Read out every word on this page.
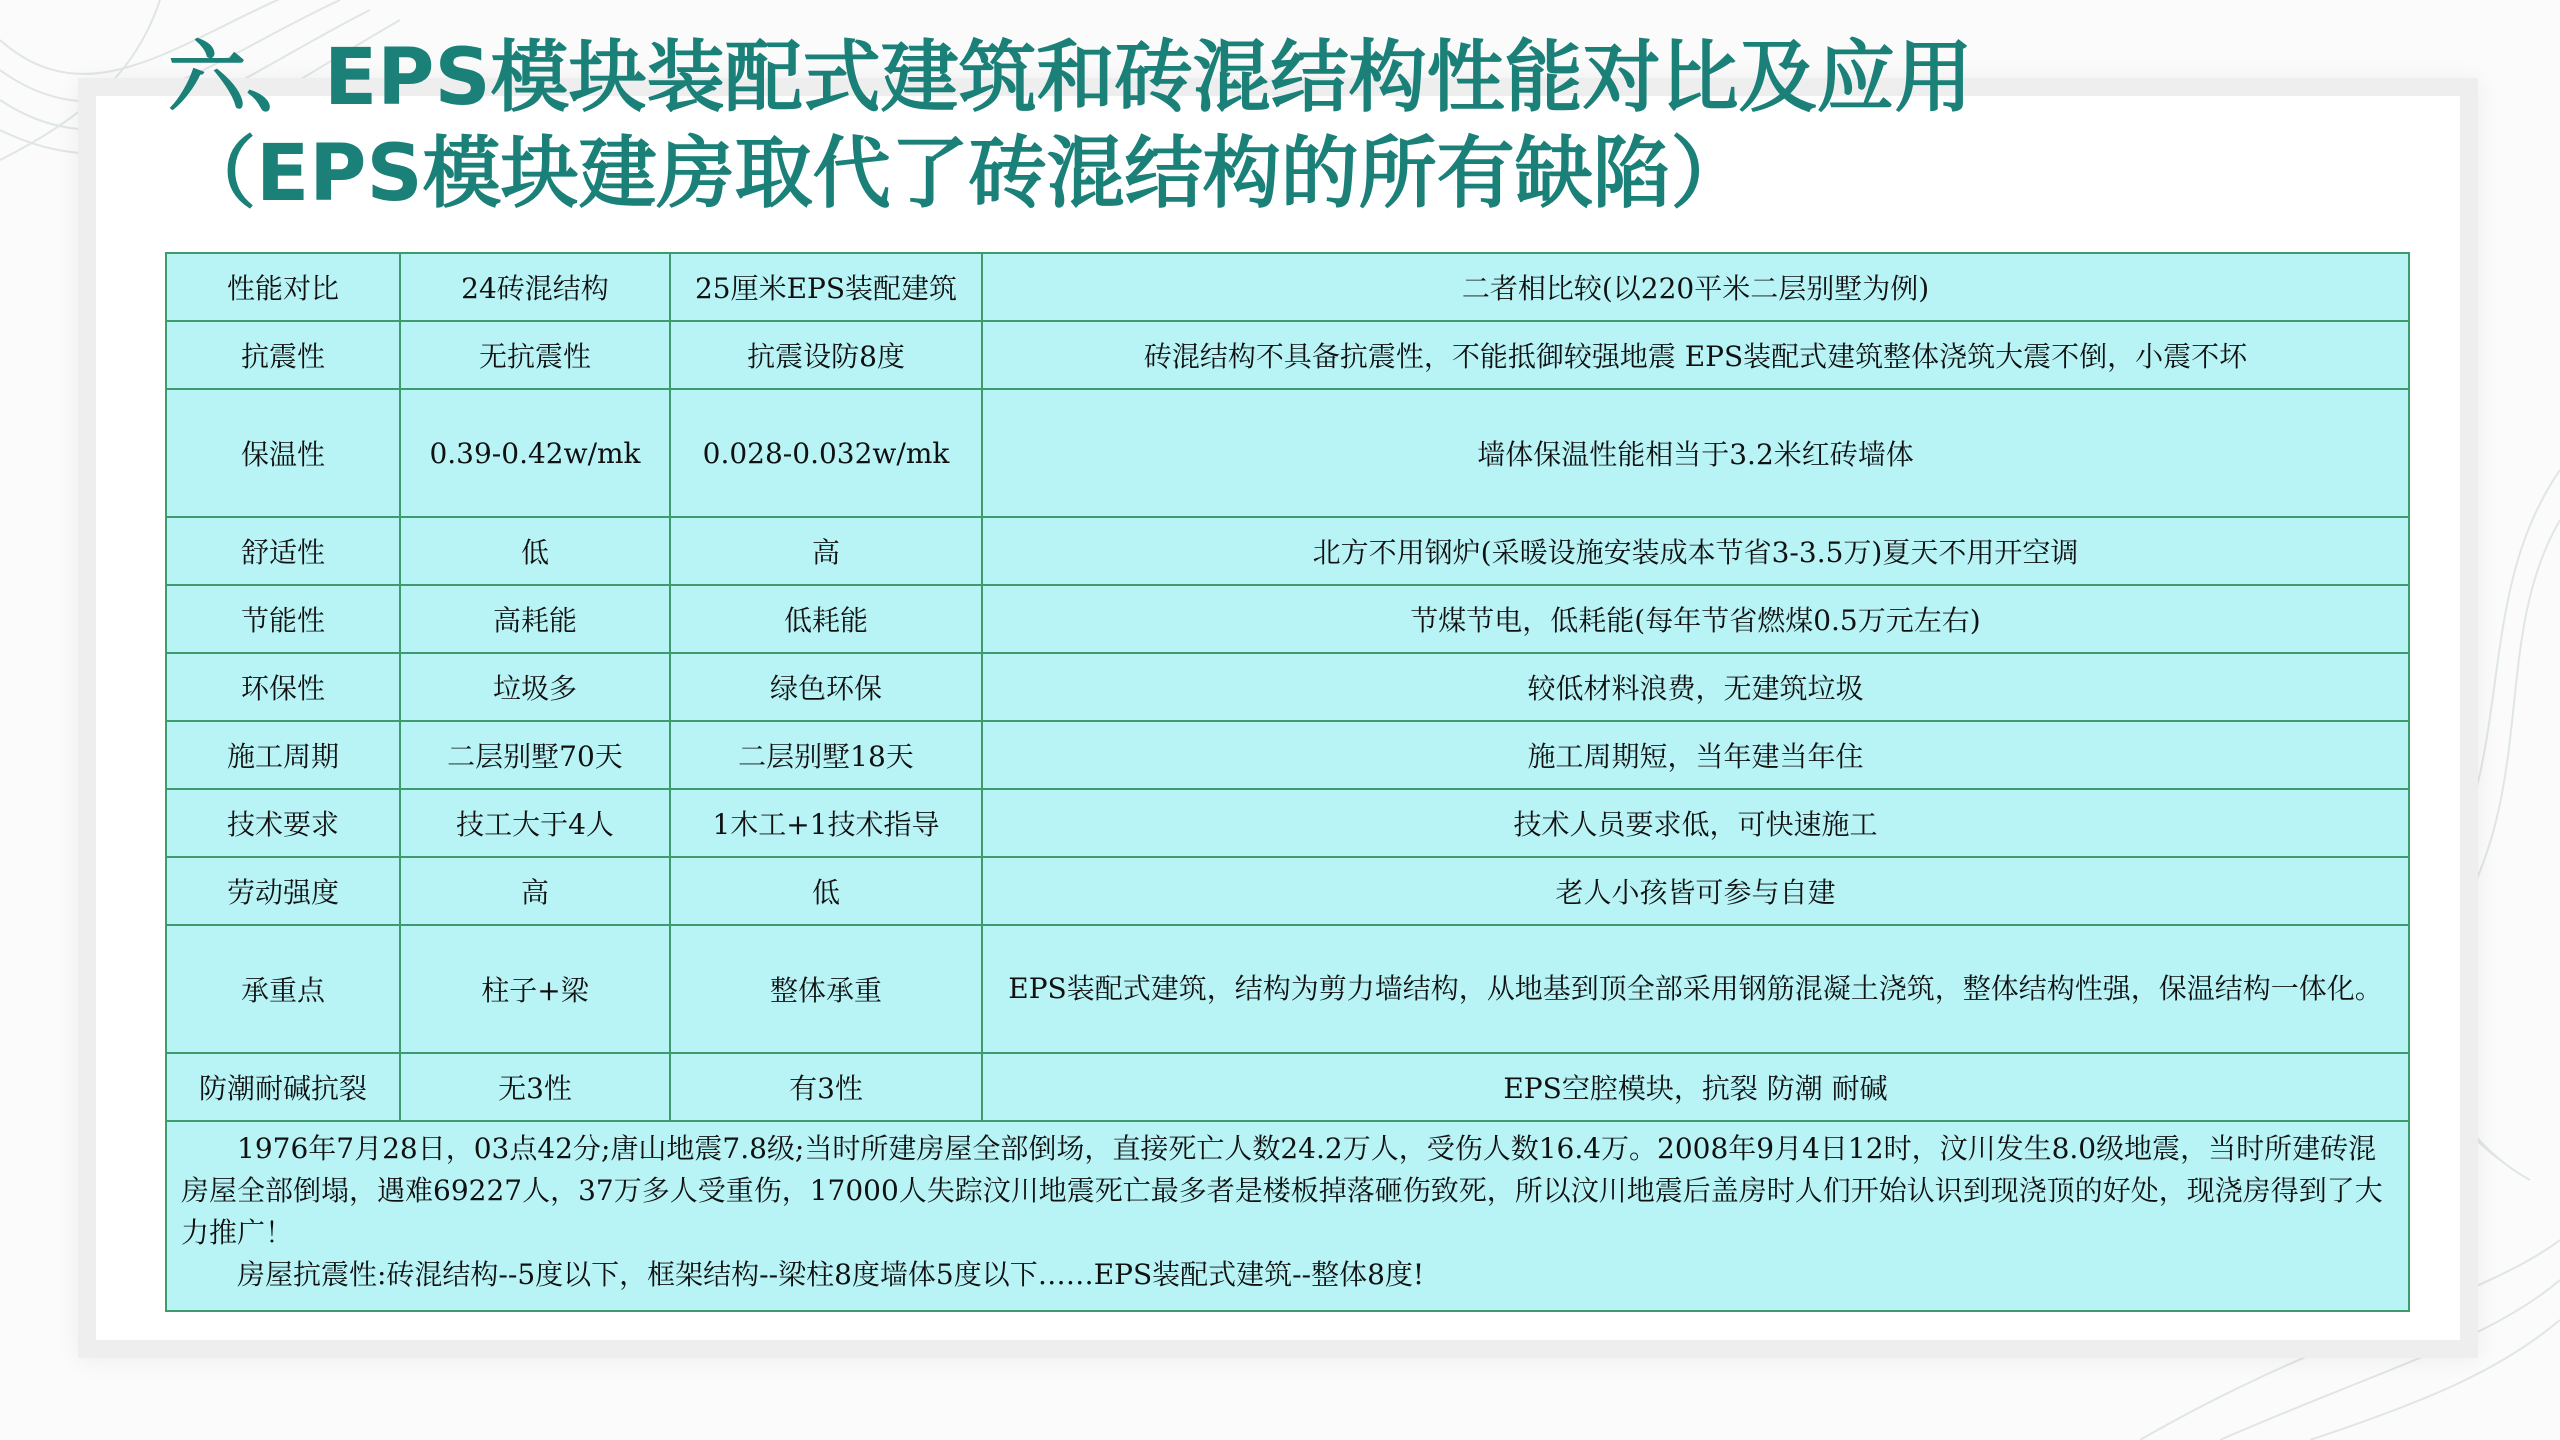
六、EPS模块装配式建筑和砖混结构性能对比及应用
（EPS模块建房取代了砖混结构的所有缺陷）
性能对比	24砖混结构	25厘米EPS装配建筑	二者相比较(以220平米二层别墅为例)
抗震性	无抗震性	抗震设防8度	砖混结构不具备抗震性，不能抵御较强地震 EPS装配式建筑整体浇筑大震不倒，小震不坏
保温性	0.39-0.42w/mk	0.028-0.032w/mk	墙体保温性能相当于3.2米红砖墙体
舒适性	低	高	北方不用钢炉(采暖设施安装成本节省3-3.5万)夏天不用开空调
节能性	高耗能	低耗能	节煤节电，低耗能(每年节省燃煤0.5万元左右)
环保性	垃圾多	绿色环保	较低材料浪费，无建筑垃圾
施工周期	二层别墅70天	二层别墅18天	施工周期短，当年建当年住
技术要求	技工大于4人	1木工+1技术指导	技术人员要求低，可快速施工
劳动强度	高	低	老人小孩皆可参与自建
承重点	柱子+梁	整体承重	EPS装配式建筑，结构为剪力墙结构，从地基到顶全部采用钢筋混凝土浇筑，整体结构性强，保温结构一体化。
防潮耐碱抗裂	无3性	有3性	EPS空腔模块，抗裂 防潮 耐碱

1976年7月28日，03点42分;唐山地震7.8级;当时所建房屋全部倒场，直接死亡人数24.2万人，受伤人数16.4万。2008年9月4日12时，汶川发生8.0级地震，当时所建砖混房屋全部倒塌，遇难69227人，37万多人受重伤，17000人失踪汶川地震死亡最多者是楼板掉落砸伤致死，所以汶川地震后盖房时人们开始认识到现浇顶的好处，现浇房得到了大力推广！

房屋抗震性:砖混结构--5度以下，框架结构--梁柱8度墙体5度以下……EPS装配式建筑--整体8度!			
